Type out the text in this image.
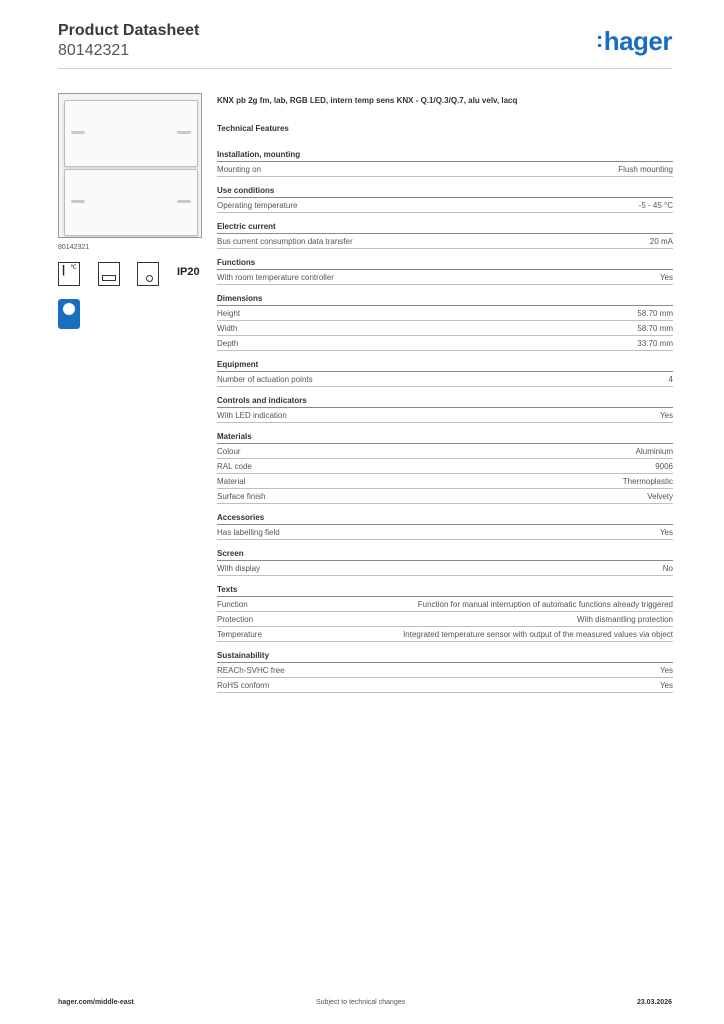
Product Datasheet
80142321	:hager
80142321
| ℃	IP20
KNX pb 2g fm, lab, RGB LED, intern temp sens KNX - Q.1/Q.3/Q.7, alu velv, lacq
Technical Features
Installation, mounting
Mounting on	Flush mounting
Use conditions
Operating temperature	-5 - 45 °C
Electric current
Bus current consumption data transfer	20 mA
Functions
With room temperature controller	Yes
Dimensions
Height	58.70 mm
Width	58.70 mm
Depth	33.70 mm
Equipment
Number of actuation points	4
Controls and indicators
With LED indication	Yes
Materials
Colour	Aluminium
RAL code	9006
Material	Thermoplastic
Surface finish	Velvety
Accessories
Has labelling field	Yes
Screen
With display	No
Texts
Function	Function for manual interruption of automatic functions already triggered
Protection	With dismantling protection
Temperature	Integrated temperature sensor with output of the measured values via object
Sustainability
REACh-SVHC free	Yes
RoHS conform	Yes
hager.com/middle-east	Subject to technical changes	23.03.2026
